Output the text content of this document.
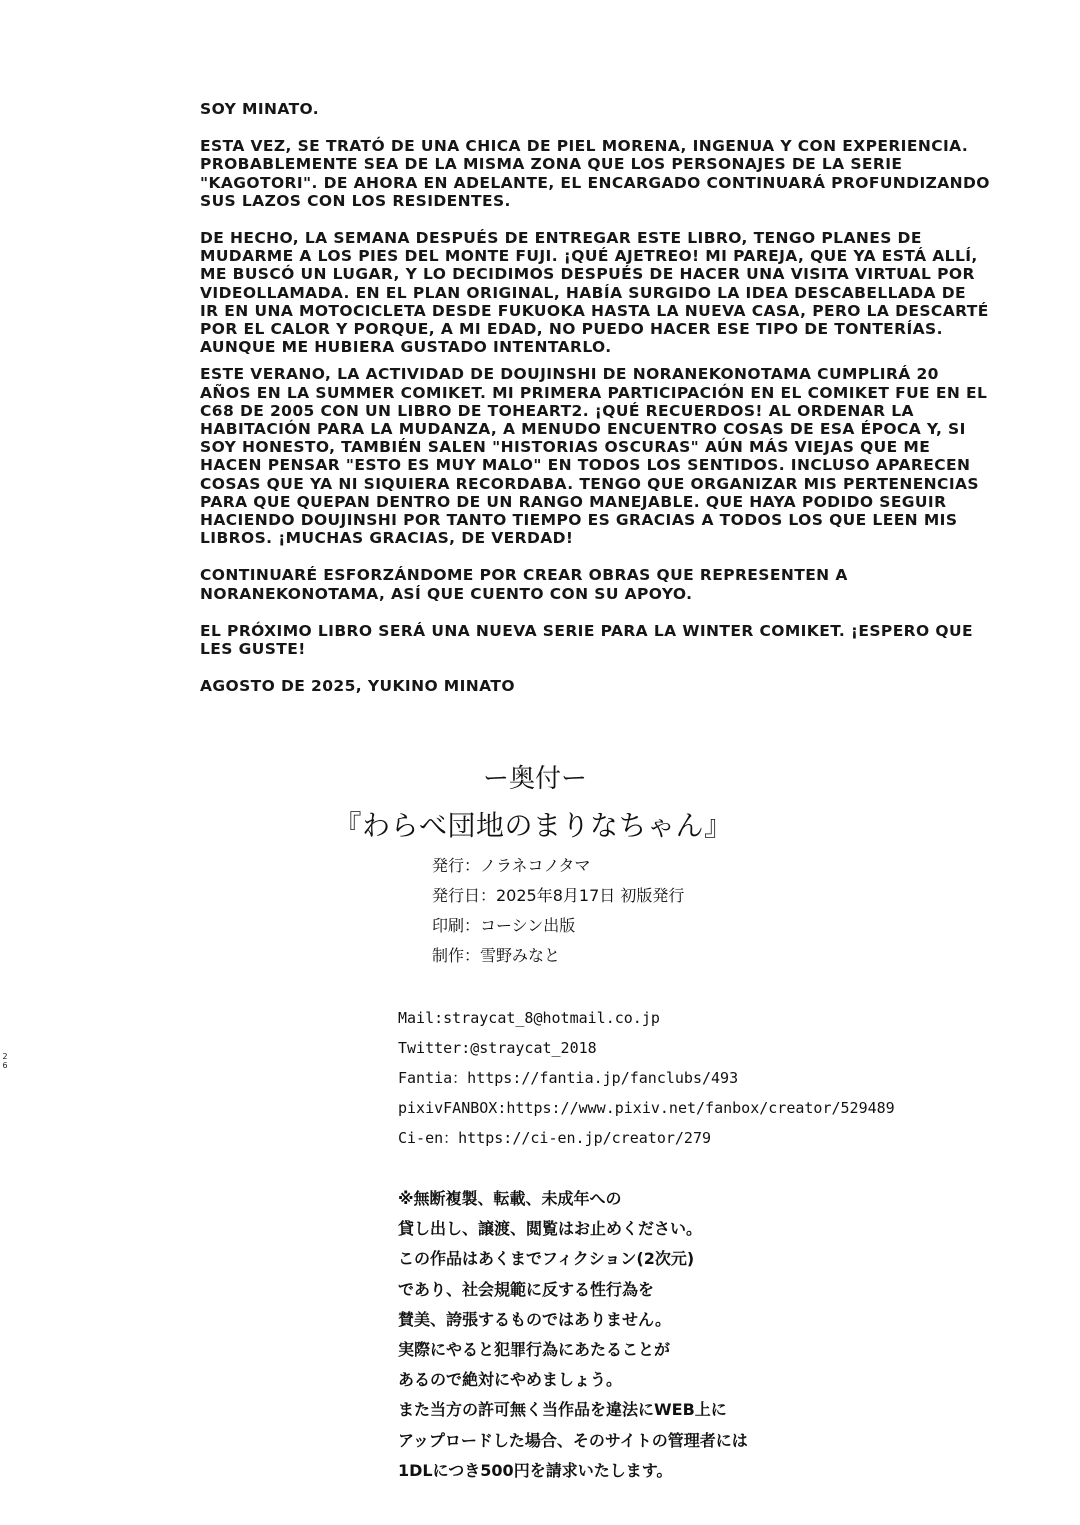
SOY MINATO.

ESTA VEZ, SE TRATÓ DE UNA CHICA DE PIEL MORENA, INGENUA Y CON EXPERIENCIA. PROBABLEMENTE SEA DE LA MISMA ZONA QUE LOS PERSONAJES DE LA SERIE "KAGOTORI". DE AHORA EN ADELANTE, EL ENCARGADO CONTINUARÁ PROFUNDIZANDO SUS LAZOS CON LOS RESIDENTES.

DE HECHO, LA SEMANA DESPUÉS DE ENTREGAR ESTE LIBRO, TENGO PLANES DE MUDARME A LOS PIES DEL MONTE FUJI. ¡QUÉ AJETREO! MI PAREJA, QUE YA ESTÁ ALLÍ, ME BUSCÓ UN LUGAR, Y LO DECIDIMOS DESPUÉS DE HACER UNA VISITA VIRTUAL POR VIDEOLLAMADA. EN EL PLAN ORIGINAL, HABÍA SURGIDO LA IDEA DESCABELLADA DE IR EN UNA MOTOCICLETA DESDE FUKUOKA HASTA LA NUEVA CASA, PERO LA DESCARTÉ POR EL CALOR Y PORQUE, A MI EDAD, NO PUEDO HACER ESE TIPO DE TONTERÍAS. AUNQUE ME HUBIERA GUSTADO INTENTARLO.

ESTE VERANO, LA ACTIVIDAD DE DOUJINSHI DE NORANEKONOTAMA CUMPLIRÁ 20 AÑOS EN LA SUMMER COMIKET. MI PRIMERA PARTICIPACIÓN EN EL COMIKET FUE EN EL C68 DE 2005 CON UN LIBRO DE TOHEART2. ¡QUÉ RECUERDOS! AL ORDENAR LA HABITACIÓN PARA LA MUDANZA, A MENUDO ENCUENTRO COSAS DE ESA ÉPOCA Y, SI SOY HONESTO, TAMBIÉN SALEN "HISTORIAS OSCURAS" AÚN MÁS VIEJAS QUE ME HACEN PENSAR "ESTO ES MUY MALO" EN TODOS LOS SENTIDOS. INCLUSO APARECEN COSAS QUE YA NI SIQUIERA RECORDABA. TENGO QUE ORGANIZAR MIS PERTENENCIAS PARA QUE QUEPAN DENTRO DE UN RANGO MANEJABLE. QUE HAYA PODIDO SEGUIR HACIENDO DOUJINSHI POR TANTO TIEMPO ES GRACIAS A TODOS LOS QUE LEEN MIS LIBROS. ¡MUCHAS GRACIAS, DE VERDAD!

CONTINUARÉ ESFORZÁNDOME POR CREAR OBRAS QUE REPRESENTEN A NORANEKONOTAMA, ASÍ QUE CUENTO CON SU APOYO.

EL PRÓXIMO LIBRO SERÁ UNA NUEVA SERIE PARA LA WINTER COMIKET. ¡ESPERO QUE LES GUSTE!

AGOSTO DE 2025, YUKINO MINATO

ー奥付ー
『わらべ団地のまりなちゃん』
発行：ノラネコノタマ
発行日：2025年8月17日 初版発行
印刷：コーシン出版
制作：雪野みなと
Mail:straycat_8@hotmail.co.jp
Twitter:@straycat_2018
Fantia：https://fantia.jp/fanclubs/493
pixivFANBOX:https://www.pixiv.net/fanbox/creator/529489
Ci-en：https://ci-en.jp/creator/279
※無断複製、転載、未成年への
貸し出し、譲渡、閲覧はお止めください。
この作品はあくまでフィクション(2次元)
であり、社会規範に反する性行為を
賛美、誇張するものではありません。
実際にやると犯罪行為にあたることが
あるので絶対にやめましょう。
また当方の許可無く当作品を違法にWEB上に
アップロードした場合、そのサイトの管理者には
1DLにつき500円を請求いたします。
2
6
